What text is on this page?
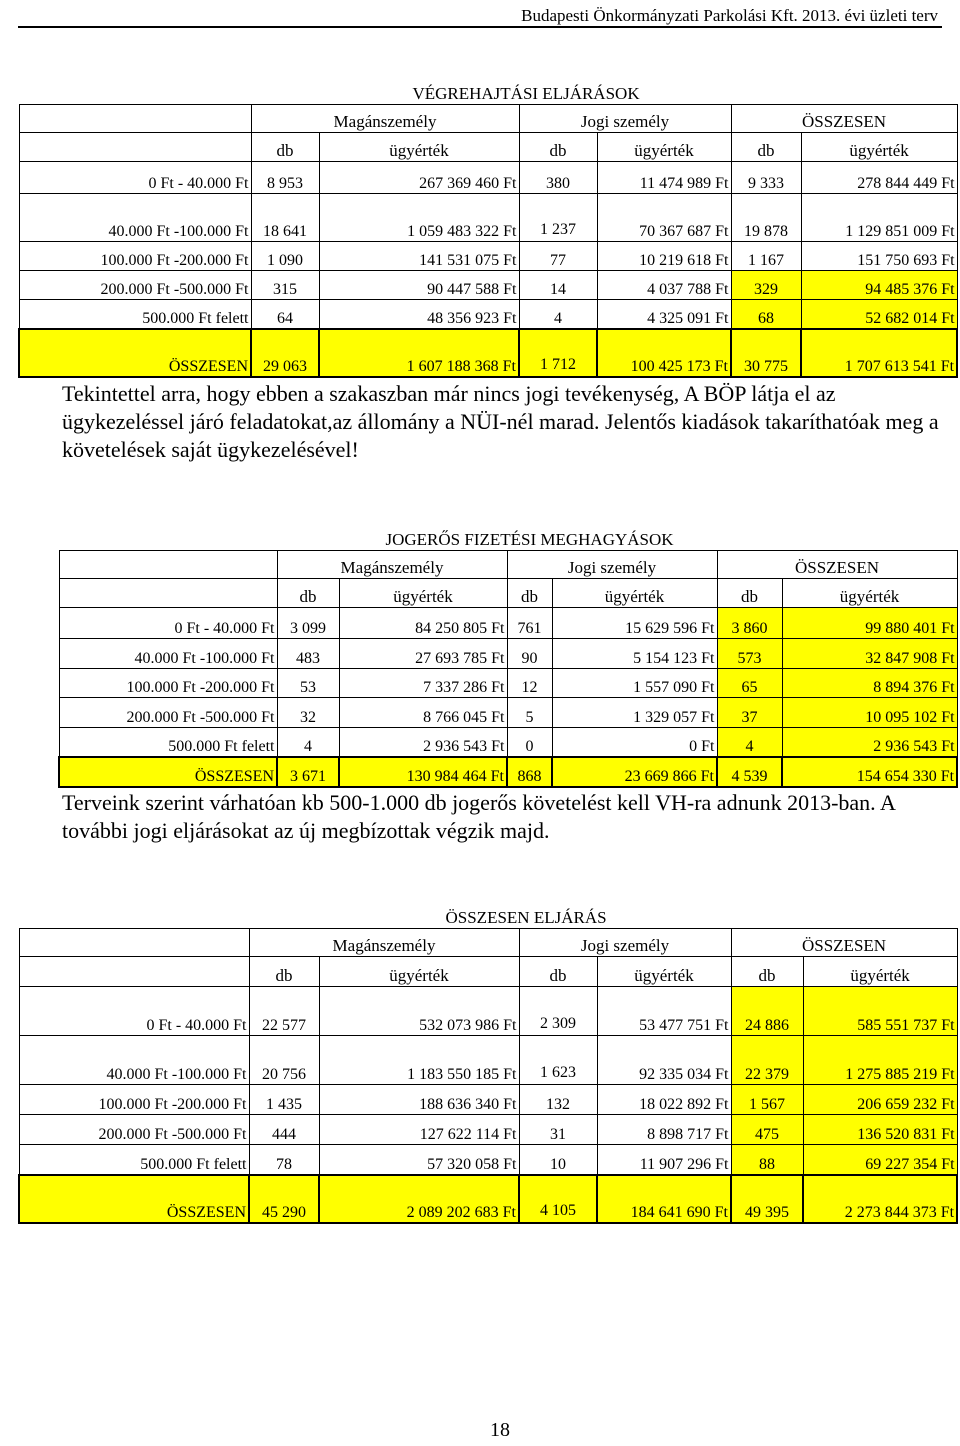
Budapesti Önkormányzati Parkolási Kft. 2013. évi üzleti terv
	VÉGREHAJTÁSI ELJÁRÁSOK					
	Magánszemély		Jogi személy		ÖSSZESEN	
	db	ügyérték	db	ügyérték	db	ügyérték
0 Ft - 40.000 Ft	8 953	267 369 460 Ft	380	11 474 989 Ft	9 333	278 844 449 Ft
40.000 Ft -100.000 Ft	18 641	1 059 483 322 Ft	1 237	70 367 687 Ft	19 878	1 129 851 009 Ft
100.000 Ft -200.000 Ft	1 090	141 531 075 Ft	77	10 219 618 Ft	1 167	151 750 693 Ft
200.000 Ft -500.000 Ft	315	90 447 588 Ft	14	4 037 788 Ft	329	94 485 376 Ft
500.000 Ft felett	64	48 356 923 Ft	4	4 325 091 Ft	68	52 682 014 Ft
ÖSSZESEN	29 063	1 607 188 368 Ft	1 712	100 425 173 Ft	30 775	1 707 613 541 Ft
Tekintettel arra, hogy ebben a szakaszban már nincs jogi tevékenység, A BÖP látja el az ügykezeléssel járó feladatokat,az állomány a NÜI-nél marad. Jelentős kiadások takaríthatóak meg a követelések saját ügykezelésével!
	JOGERŐS FIZETÉSI MEGHAGYÁSOK					
	Magánszemély		Jogi személy		ÖSSZESEN	
	db	ügyérték	db	ügyérték	db	ügyérték
0 Ft - 40.000 Ft	3 099	84 250 805 Ft	761	15 629 596 Ft	3 860	99 880 401 Ft
40.000 Ft -100.000 Ft	483	27 693 785 Ft	90	5 154 123 Ft	573	32 847 908 Ft
100.000 Ft -200.000 Ft	53	7 337 286 Ft	12	1 557 090 Ft	65	8 894 376 Ft
200.000 Ft -500.000 Ft	32	8 766 045 Ft	5	1 329 057 Ft	37	10 095 102 Ft
500.000 Ft felett	4	2 936 543 Ft	0	0 Ft	4	2 936 543 Ft
ÖSSZESEN	3 671	130 984 464 Ft	868	23 669 866 Ft	4 539	154 654 330 Ft
Terveink szerint várhatóan kb 500-1.000 db jogerős követelést kell VH-ra adnunk 2013-ban. A további jogi eljárásokat az új megbízottak végzik majd.
	ÖSSZESEN ELJÁRÁS					
	Magánszemély		Jogi személy		ÖSSZESEN	
	db	ügyérték	db	ügyérték	db	ügyérték
0 Ft - 40.000 Ft	22 577	532 073 986 Ft	2 309	53 477 751 Ft	24 886	585 551 737 Ft
40.000 Ft -100.000 Ft	20 756	1 183 550 185 Ft	1 623	92 335 034 Ft	22 379	1 275 885 219 Ft
100.000 Ft -200.000 Ft	1 435	188 636 340 Ft	132	18 022 892 Ft	1 567	206 659 232 Ft
200.000 Ft -500.000 Ft	444	127 622 114 Ft	31	8 898 717 Ft	475	136 520 831 Ft
500.000 Ft felett	78	57 320 058 Ft	10	11 907 296 Ft	88	69 227 354 Ft
ÖSSZESEN	45 290	2 089 202 683 Ft	4 105	184 641 690 Ft	49 395	2 273 844 373 Ft
18
